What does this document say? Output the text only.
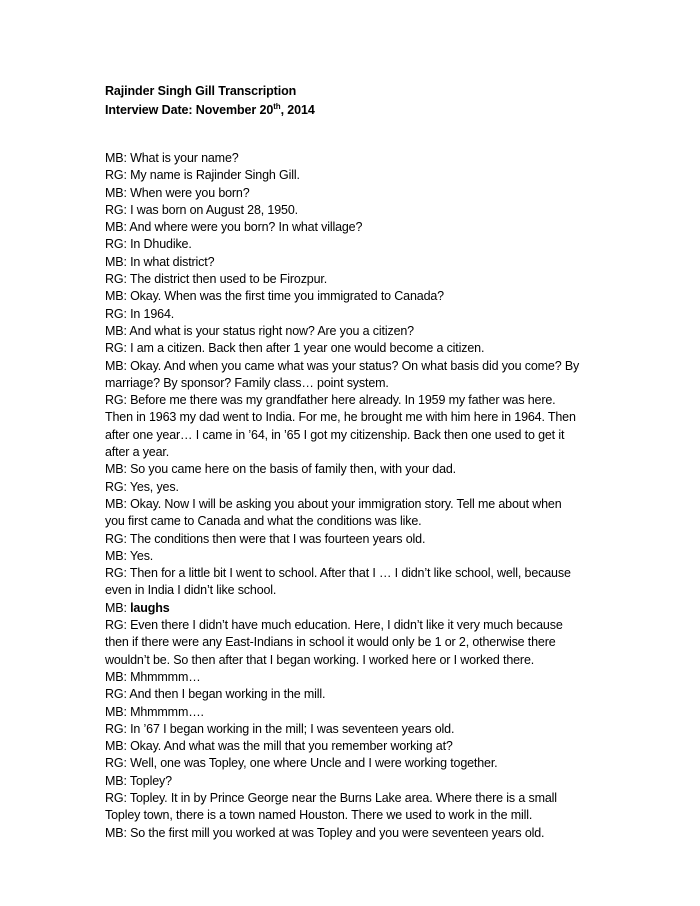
Rajinder Singh Gill Transcription
Interview Date: November 20th, 2014
MB: What is your name?
RG: My name is Rajinder Singh Gill.
MB: When were you born?
RG: I was born on August 28, 1950.
MB: And where were you born? In what village?
RG: In Dhudike.
MB: In what district?
RG: The district then used to be Firozpur.
MB: Okay. When was the first time you immigrated to Canada?
RG: In 1964.
MB: And what is your status right now? Are you a citizen?
RG: I am a citizen. Back then after 1 year one would become a citizen.
MB: Okay. And when you came what was your status? On what basis did you come? By
marriage? By sponsor? Family class… point system.
RG: Before me there was my grandfather here already. In 1959 my father was here.
Then in 1963 my dad went to India. For me, he brought me with him here in 1964. Then
after one year… I came in ’64, in ’65 I got my citizenship. Back then one used to get it
after a year.
MB: So you came here on the basis of family then, with your dad.
RG: Yes, yes.
MB: Okay. Now I will be asking you about your immigration story. Tell me about when
you first came to Canada and what the conditions was like.
RG: The conditions then were that I was fourteen years old.
MB: Yes.
RG: Then for a little bit I went to school. After that I … I didn’t like school, well, because
even in India I didn’t like school.
MB: laughs
RG: Even there I didn’t have much education. Here, I didn’t like it very much because
then if there were any East-Indians in school it would only be 1 or 2, otherwise there
wouldn’t be. So then after that I began working. I worked here or I worked there.
MB: Mhmmmm…
RG: And then I began working in the mill.
MB: Mhmmmm….
RG: In ’67 I began working in the mill; I was seventeen years old.
MB: Okay. And what was the mill that you remember working at?
RG: Well, one was Topley, one where Uncle and I were working together.
MB: Topley?
RG: Topley. It in by Prince George near the Burns Lake area. Where there is a small
Topley town, there is a town named Houston. There we used to work in the mill.
MB: So the first mill you worked at was Topley and you were seventeen years old.
